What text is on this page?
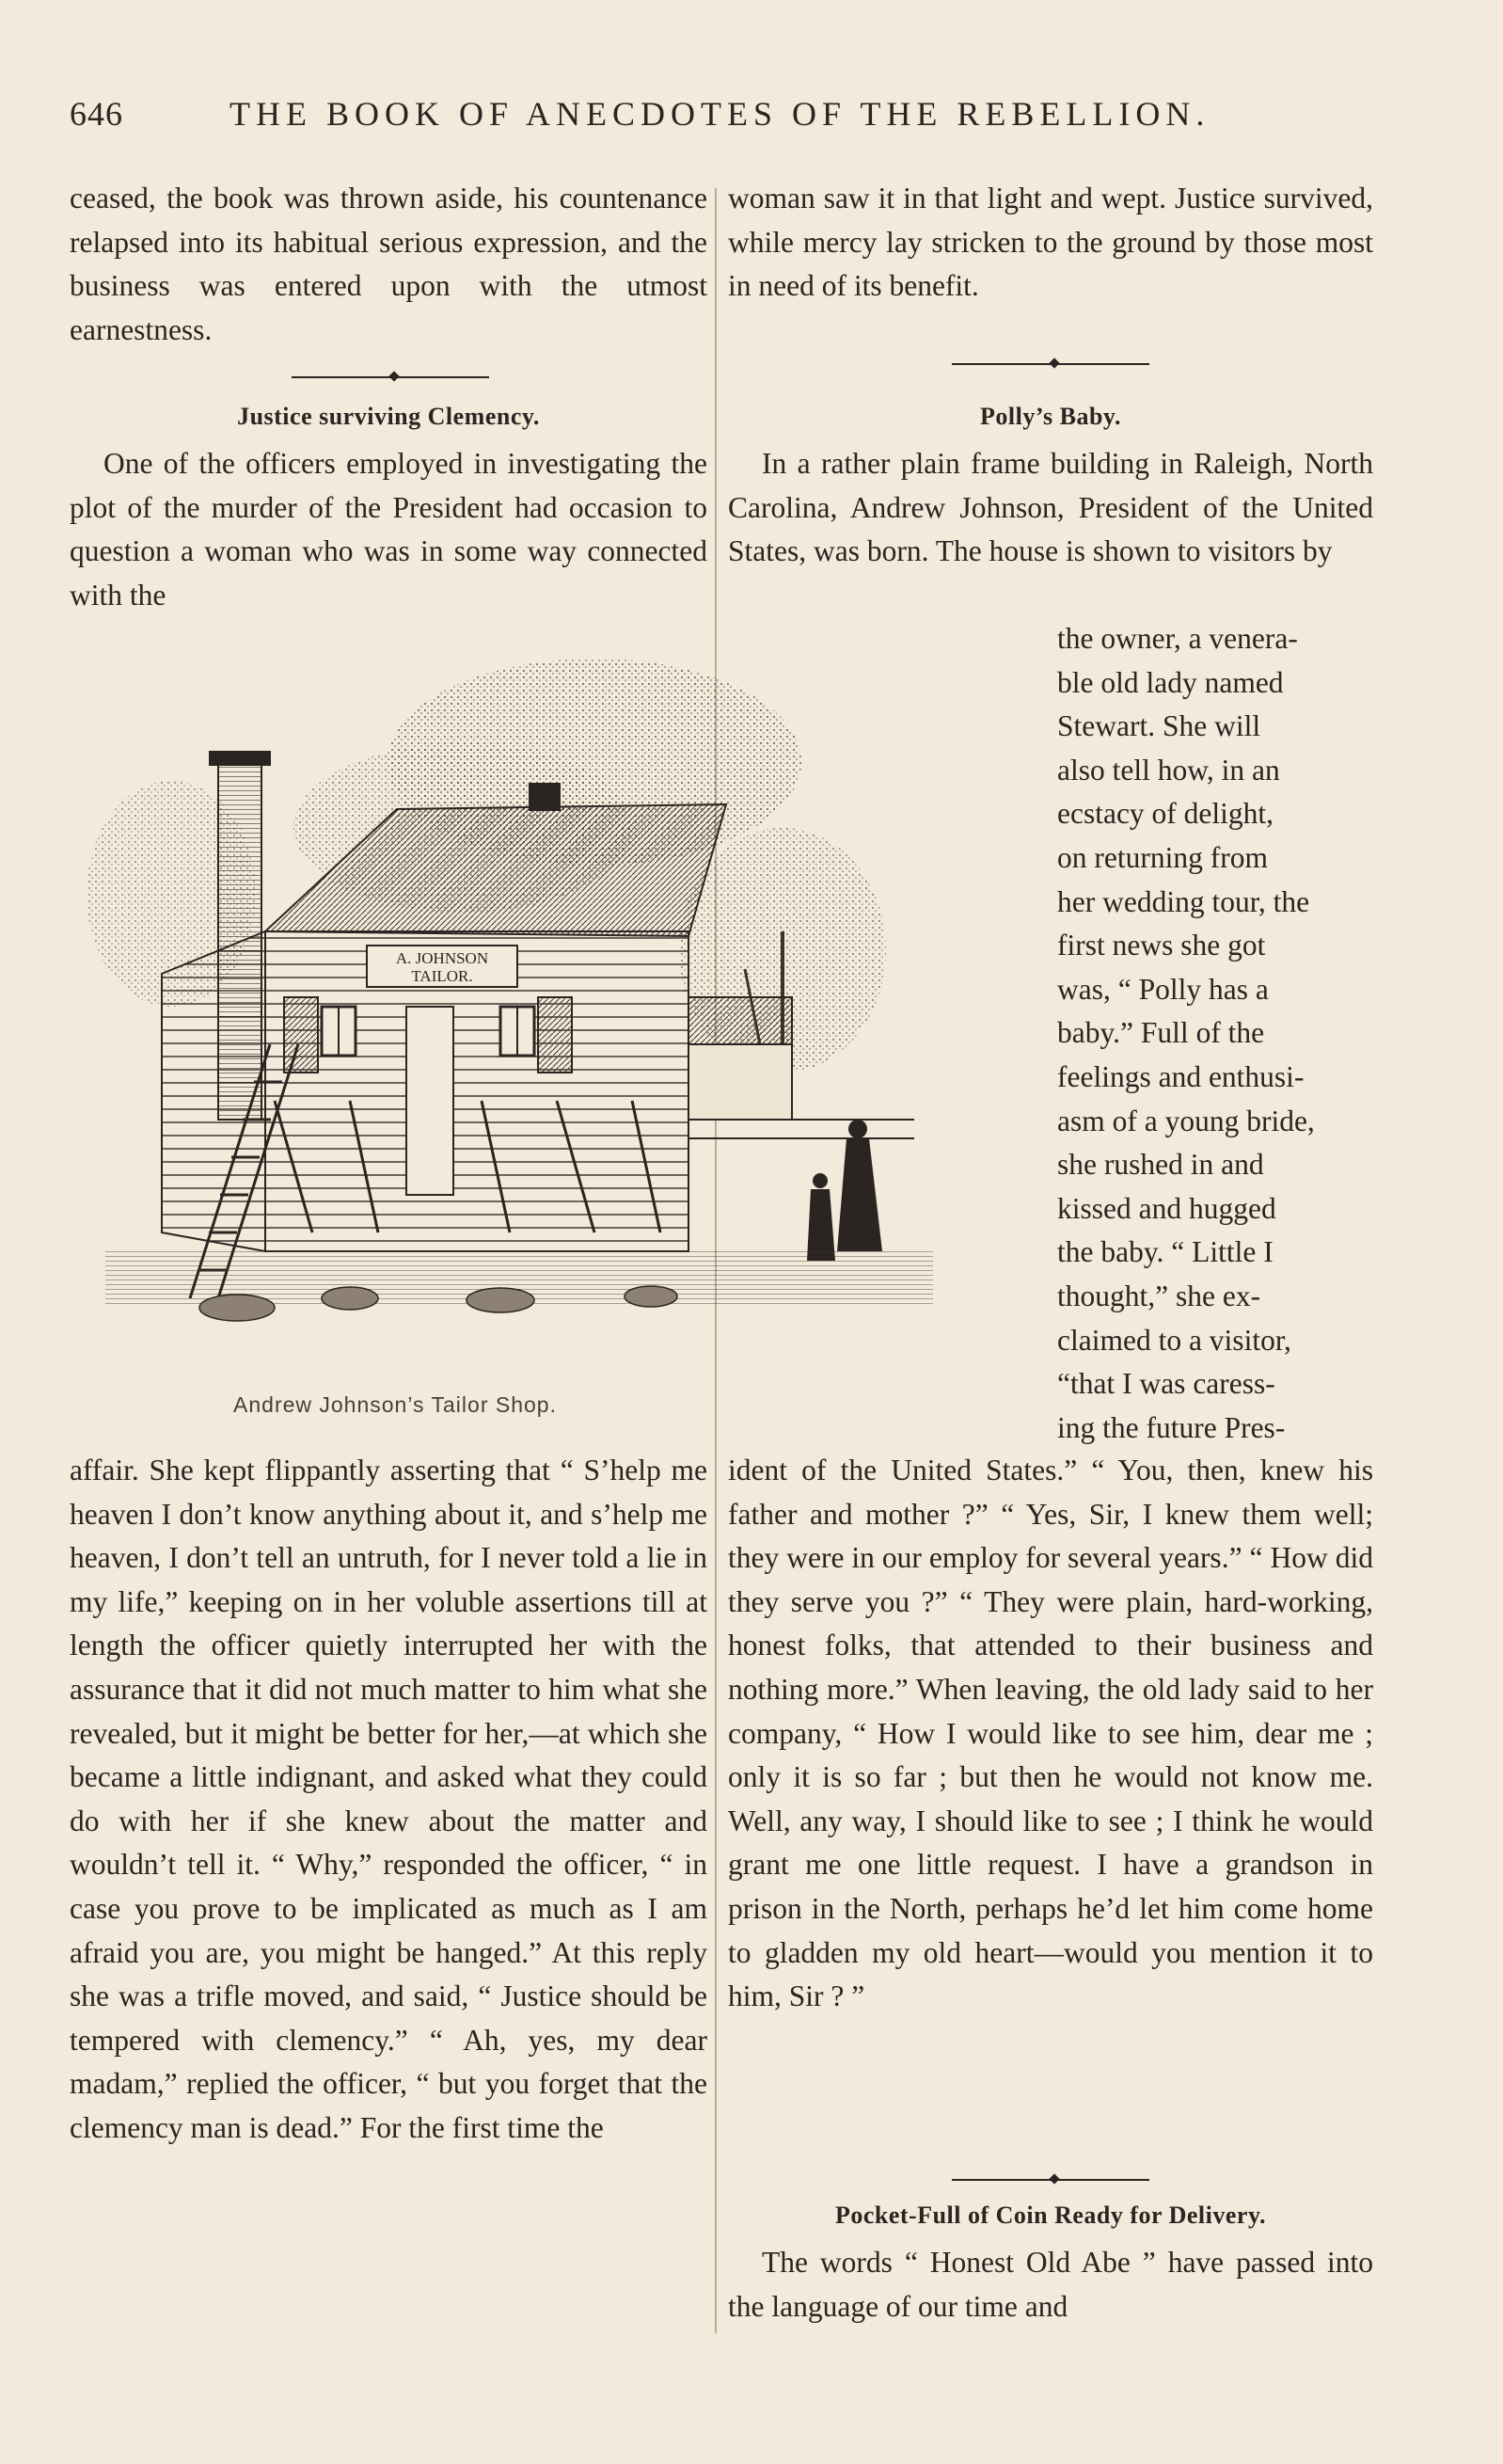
646	THE BOOK OF ANECDOTES OF THE REBELLION.

ceased, the book was thrown aside, his countenance relapsed into its habitual serious expression, and the business was entered upon with the utmost earnestness.

Justice surviving Clemency.

One of the officers employed in investigating the plot of the murder of the President had occasion to question a woman who was in some way connected with the

woman saw it in that light and wept. Justice survived, while mercy lay stricken to the ground by those most in need of its benefit.

Polly’s Baby.

In a rather plain frame building in Raleigh, North Carolina, Andrew Johnson, President of the United States, was born. The house is shown to visitors by

the owner, a venera-
ble old lady named
Stewart. She will
also tell how, in an
ecstacy of delight,
on returning from
her wedding tour, the
first news she got
was, “ Polly has a
baby.” Full of the
feelings and enthusi-
asm of a young bride,
she rushed in and
kissed and hugged
the baby. “ Little I
thought,” she ex-
claimed to a visitor,
“that I was caress-
ing the future Pres-
A. JOHNSON
TAILOR.
Andrew Johnson’s Tailor Shop.

affair. She kept flippantly asserting that “ S’help me heaven I don’t know anything about it, and s’help me heaven, I don’t tell an untruth, for I never told a lie in my life,” keeping on in her voluble assertions till at length the officer quietly interrupted her with the assurance that it did not much matter to him what she revealed, but it might be better for her,—at which she became a little indignant, and asked what they could do with her if she knew about the matter and wouldn’t tell it. “ Why,” responded the officer, “ in case you prove to be implicated as much as I am afraid you are, you might be hanged.” At this reply she was a trifle moved, and said, “ Justice should be tempered with clemency.” “ Ah, yes, my dear madam,” replied the officer, “ but you forget that the clemency man is dead.” For the first time the

ident of the United States.” “ You, then, knew his father and mother ?” “ Yes, Sir, I knew them well; they were in our employ for several years.” “ How did they serve you ?” “ They were plain, hard-working, honest folks, that attended to their business and nothing more.” When leaving, the old lady said to her company, “ How I would like to see him, dear me ; only it is so far ; but then he would not know me. Well, any way, I should like to see ; I think he would grant me one little request. I have a grandson in prison in the North, perhaps he’d let him come home to gladden my old heart—would you mention it to him, Sir ? ”

Pocket-Full of Coin Ready for Delivery.

The words “ Honest Old Abe ” have passed into the language of our time and
